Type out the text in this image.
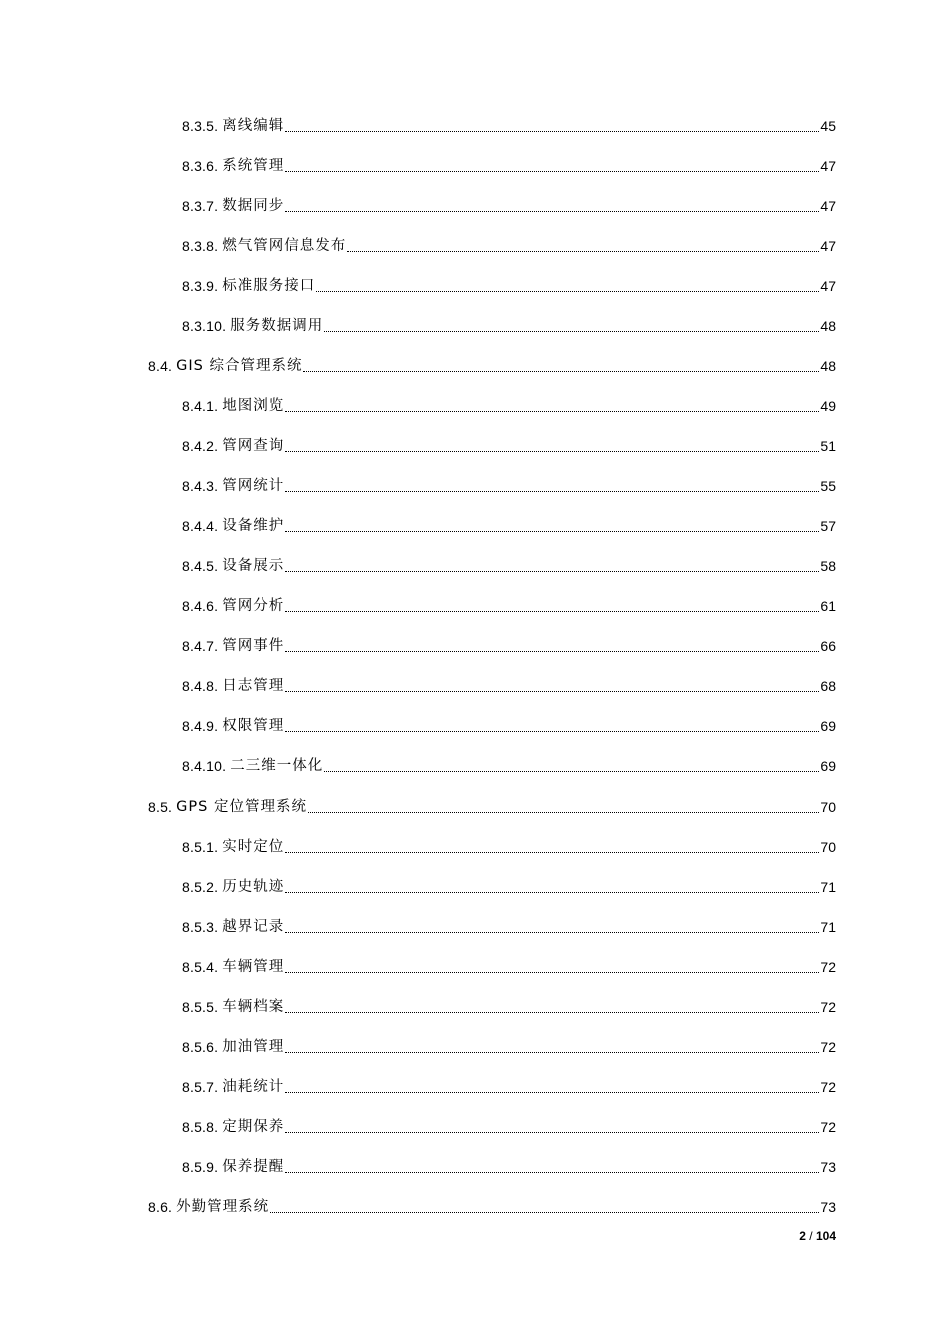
8.3.5. 离线编辑	45
8.3.6. 系统管理	47
8.3.7. 数据同步	47
8.3.8. 燃气管网信息发布	47
8.3.9. 标准服务接口	47
8.3.10. 服务数据调用	48
8.4. GIS 综合管理系统	48
8.4.1. 地图浏览	49
8.4.2. 管网查询	51
8.4.3. 管网统计	55
8.4.4. 设备维护	57
8.4.5. 设备展示	58
8.4.6. 管网分析	61
8.4.7. 管网事件	66
8.4.8. 日志管理	68
8.4.9. 权限管理	69
8.4.10. 二三维一体化	69
8.5. GPS 定位管理系统	70
8.5.1. 实时定位	70
8.5.2. 历史轨迹	71
8.5.3. 越界记录	71
8.5.4. 车辆管理	72
8.5.5. 车辆档案	72
8.5.6. 加油管理	72
8.5.7. 油耗统计	72
8.5.8. 定期保养	72
8.5.9. 保养提醒	73
8.6. 外勤管理系统	73
2 / 104
